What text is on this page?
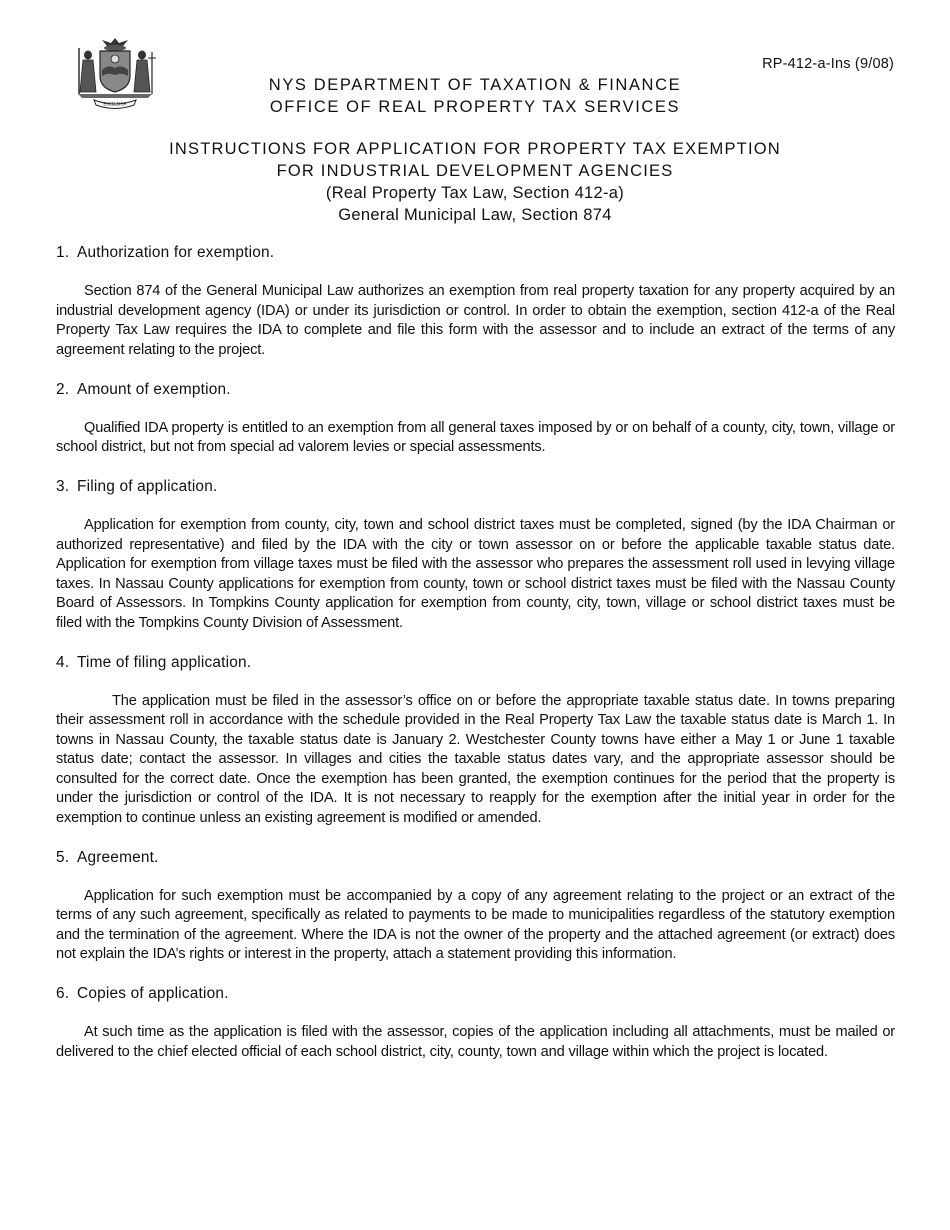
EXCELSIOR
RP-412-a-Ins (9/08)
NYS DEPARTMENT OF TAXATION & FINANCE
OFFICE OF REAL PROPERTY TAX SERVICES
INSTRUCTIONS FOR APPLICATION FOR PROPERTY TAX EXEMPTION
FOR INDUSTRIAL DEVELOPMENT AGENCIES
(Real Property Tax Law, Section 412-a)
General Municipal Law, Section 874
1. Authorization for exemption.

Section 874 of the General Municipal Law authorizes an exemption from real property taxation for any property acquired by an industrial development agency (IDA) or under its jurisdiction or control. In order to obtain the exemption, section 412-a of the Real Property Tax Law requires the IDA to complete and file this form with the assessor and to include an extract of the terms of any agreement relating to the project.

2. Amount of exemption.

Qualified IDA property is entitled to an exemption from all general taxes imposed by or on behalf of a county, city, town, village or school district, but not from special ad valorem levies or special assessments.

3. Filing of application.

Application for exemption from county, city, town and school district taxes must be completed, signed (by the IDA Chairman or authorized representative) and filed by the IDA with the city or town assessor on or before the applicable taxable status date. Application for exemption from village taxes must be filed with the assessor who prepares the assessment roll used in levying village taxes. In Nassau County applications for exemption from county, town or school district taxes must be filed with the Nassau County Board of Assessors. In Tompkins County application for exemption from county, city, town, village or school district taxes must be filed with the Tompkins County Division of Assessment.

4. Time of filing application.

The application must be filed in the assessor’s office on or before the appropriate taxable status date. In towns preparing their assessment roll in accordance with the schedule provided in the Real Property Tax Law the taxable status date is March 1. In towns in Nassau County, the taxable status date is January 2. Westchester County towns have either a May 1 or June 1 taxable status date; contact the assessor. In villages and cities the taxable status dates vary, and the appropriate assessor should be consulted for the correct date. Once the exemption has been granted, the exemption continues for the period that the property is under the jurisdiction or control of the IDA. It is not necessary to reapply for the exemption after the initial year in order for the exemption to continue unless an existing agreement is modified or amended.

5. Agreement.

Application for such exemption must be accompanied by a copy of any agreement relating to the project or an extract of the terms of any such agreement, specifically as related to payments to be made to municipalities regardless of the statutory exemption and the termination of the agreement. Where the IDA is not the owner of the property and the attached agreement (or extract) does not explain the IDA’s rights or interest in the property, attach a statement providing this information.

6. Copies of application.

At such time as the application is filed with the assessor, copies of the application including all attachments, must be mailed or delivered to the chief elected official of each school district, city, county, town and village within which the project is located.
